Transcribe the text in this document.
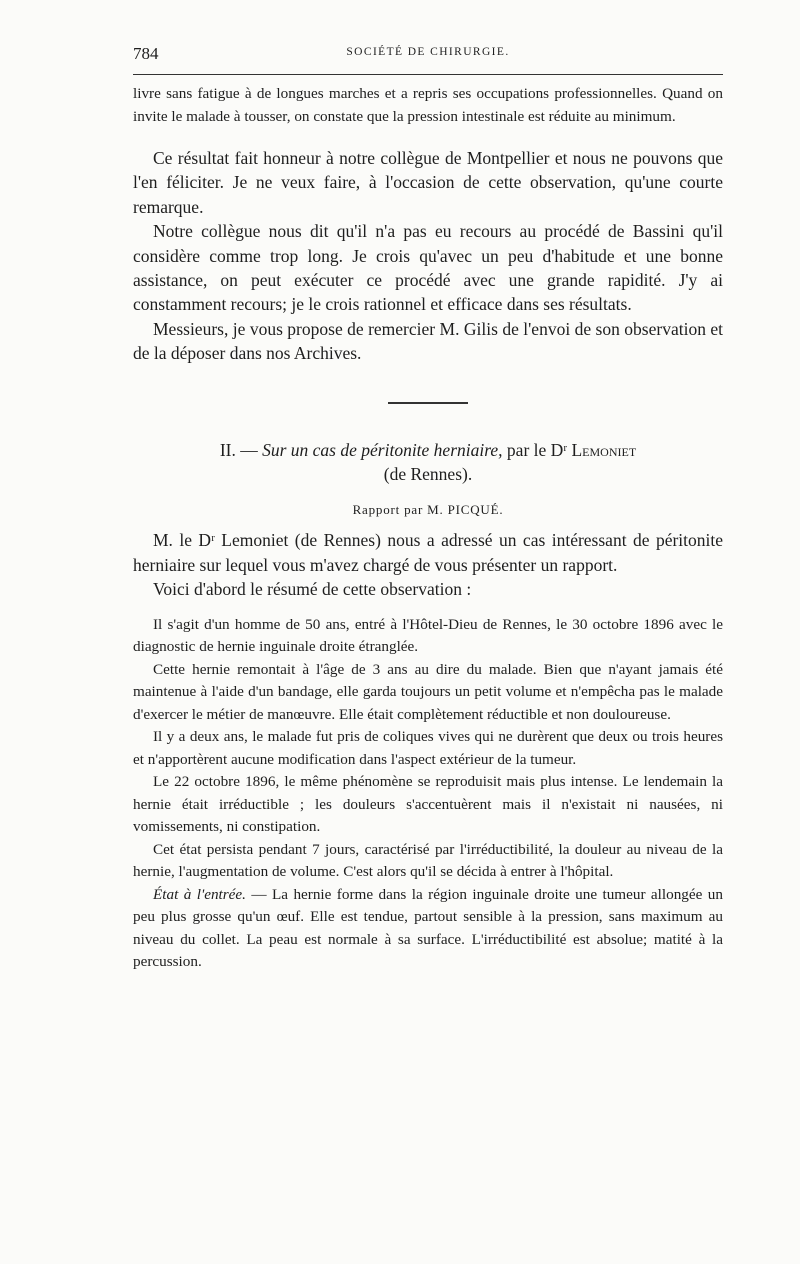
784	SOCIÉTÉ DE CHIRURGIE.

livre sans fatigue à de longues marches et a repris ses occupations professionnelles. Quand on invite le malade à tousser, on constate que la pression intestinale est réduite au minimum.

Ce résultat fait honneur à notre collègue de Montpellier et nous ne pouvons que l'en féliciter. Je ne veux faire, à l'occasion de cette observation, qu'une courte remarque.

Notre collègue nous dit qu'il n'a pas eu recours au procédé de Bassini qu'il considère comme trop long. Je crois qu'avec un peu d'habitude et une bonne assistance, on peut exécuter ce procédé avec une grande rapidité. J'y ai constamment recours; je le crois rationnel et efficace dans ses résultats.

Messieurs, je vous propose de remercier M. Gilis de l'envoi de son observation et de la déposer dans nos Archives.

II. — Sur un cas de péritonite herniaire, par le Dʳ Lemoniet
(de Rennes).
Rapport par M. PICQUÉ.

M. le Dʳ Lemoniet (de Rennes) nous a adressé un cas intéressant de péritonite herniaire sur lequel vous m'avez chargé de vous présenter un rapport.

Voici d'abord le résumé de cette observation :

Il s'agit d'un homme de 50 ans, entré à l'Hôtel-Dieu de Rennes, le 30 octobre 1896 avec le diagnostic de hernie inguinale droite étranglée.

Cette hernie remontait à l'âge de 3 ans au dire du malade. Bien que n'ayant jamais été maintenue à l'aide d'un bandage, elle garda toujours un petit volume et n'empêcha pas le malade d'exercer le métier de manœuvre. Elle était complètement réductible et non douloureuse.

Il y a deux ans, le malade fut pris de coliques vives qui ne durèrent que deux ou trois heures et n'apportèrent aucune modification dans l'aspect extérieur de la tumeur.

Le 22 octobre 1896, le même phénomène se reproduisit mais plus intense. Le lendemain la hernie était irréductible ; les douleurs s'accentuèrent mais il n'existait ni nausées, ni vomissements, ni constipation.

Cet état persista pendant 7 jours, caractérisé par l'irréductibilité, la douleur au niveau de la hernie, l'augmentation de volume. C'est alors qu'il se décida à entrer à l'hôpital.

État à l'entrée. — La hernie forme dans la région inguinale droite une tumeur allongée un peu plus grosse qu'un œuf. Elle est tendue, partout sensible à la pression, sans maximum au niveau du collet. La peau est normale à sa surface. L'irréductibilité est absolue; matité à la percussion.
